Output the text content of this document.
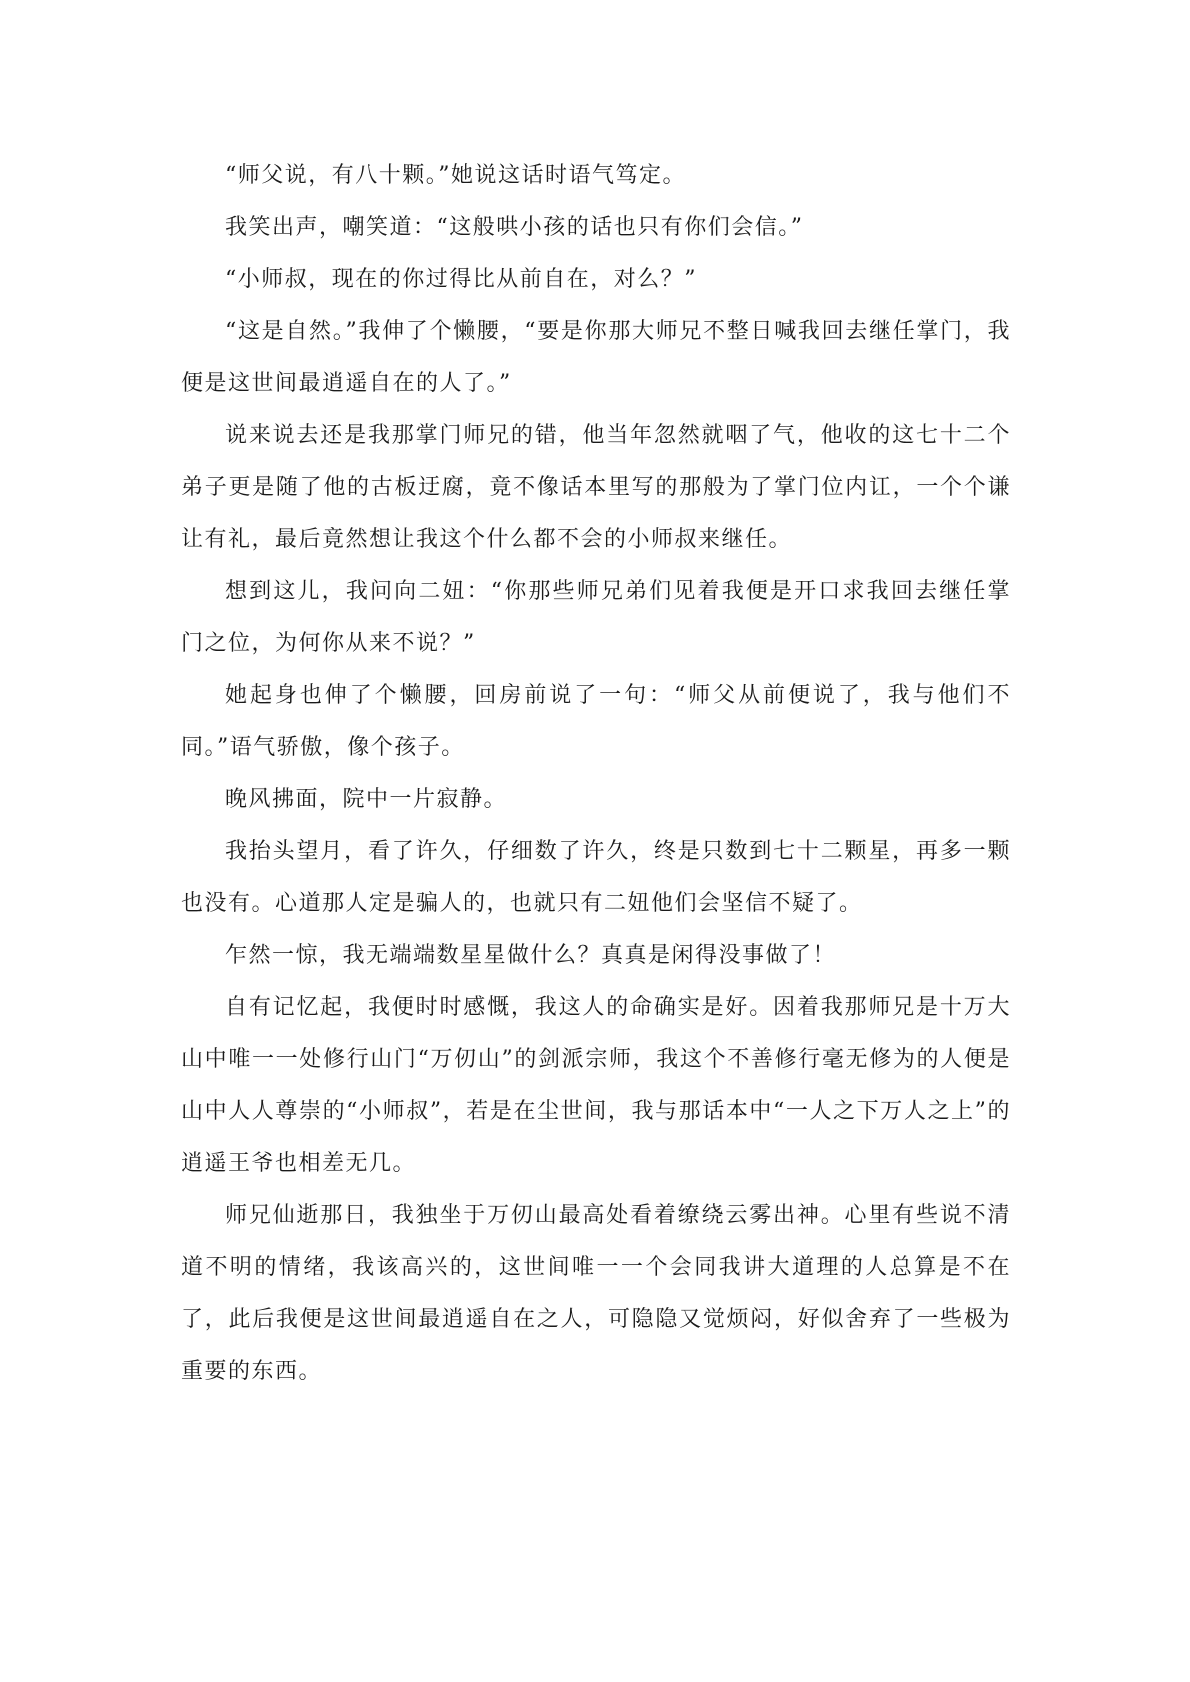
“师父说，有八十颗。”她说这话时语气笃定。

我笑出声，嘲笑道：“这般哄小孩的话也只有你们会信。”

“小师叔，现在的你过得比从前自在，对么？”

“这是自然。”我伸了个懒腰，“要是你那大师兄不整日喊我回去继任掌门，我便是这世间最逍遥自在的人了。”

说来说去还是我那掌门师兄的错，他当年忽然就咽了气，他收的这七十二个弟子更是随了他的古板迂腐，竟不像话本里写的那般为了掌门位内讧，一个个谦让有礼，最后竟然想让我这个什么都不会的小师叔来继任。

想到这儿，我问向二妞：“你那些师兄弟们见着我便是开口求我回去继任掌门之位，为何你从来不说？”

她起身也伸了个懒腰，回房前说了一句：“师父从前便说了，我与他们不同。”语气骄傲，像个孩子。

晚风拂面，院中一片寂静。

我抬头望月，看了许久，仔细数了许久，终是只数到七十二颗星，再多一颗也没有。心道那人定是骗人的，也就只有二妞他们会坚信不疑了。

乍然一惊，我无端端数星星做什么？真真是闲得没事做了！

自有记忆起，我便时时感慨，我这人的命确实是好。因着我那师兄是十万大山中唯一一处修行山门“万仞山”的剑派宗师，我这个不善修行毫无修为的人便是山中人人尊崇的“小师叔”，若是在尘世间，我与那话本中“一人之下万人之上”的逍遥王爷也相差无几。

师兄仙逝那日，我独坐于万仞山最高处看着缭绕云雾出神。心里有些说不清道不明的情绪，我该高兴的，这世间唯一一个会同我讲大道理的人总算是不在了，此后我便是这世间最逍遥自在之人，可隐隐又觉烦闷，好似舍弃了一些极为重要的东西。
